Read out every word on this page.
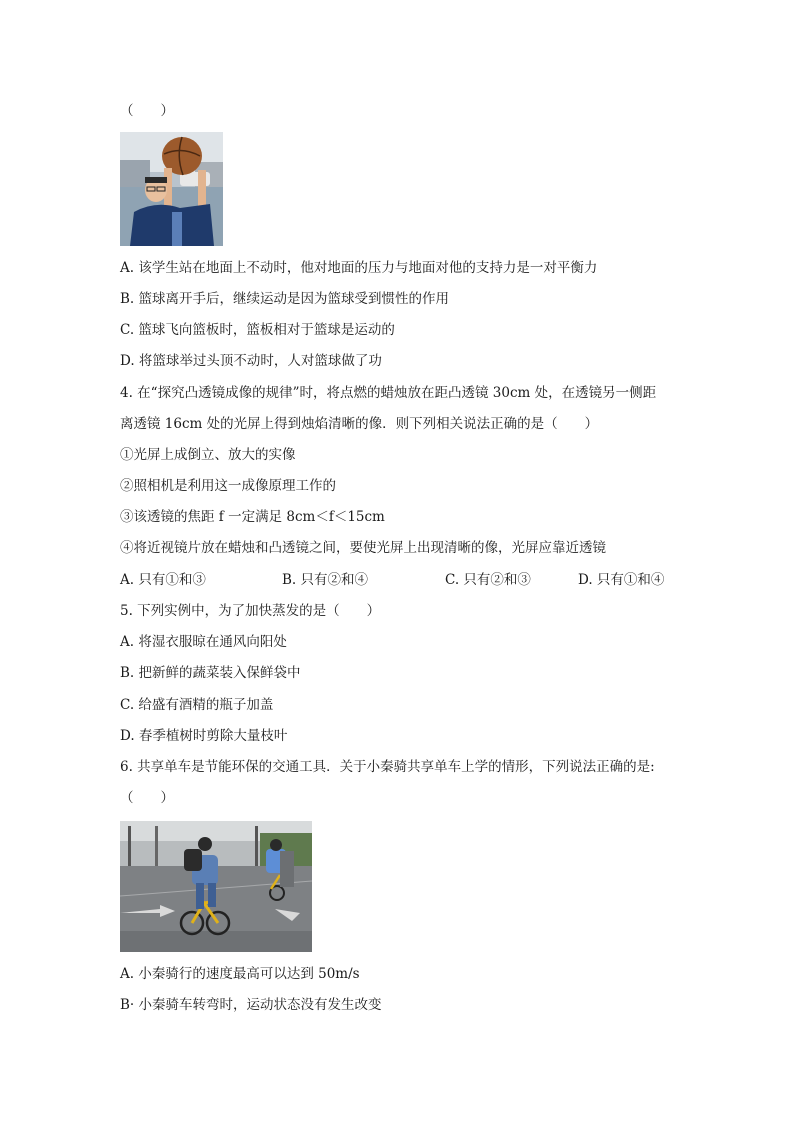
（　　）
A. 该学生站在地面上不动时，他对地面的压力与地面对他的支持力是一对平衡力
B. 篮球离开手后，继续运动是因为篮球受到惯性的作用
C. 篮球飞向篮板时，篮板相对于篮球是运动的
D. 将篮球举过头顶不动时，人对篮球做了功
4. 在“探究凸透镜成像的规律”时，将点燃的蜡烛放在距凸透镜 30cm 处，在透镜另一侧距
离透镜 16cm 处的光屏上得到烛焰清晰的像．则下列相关说法正确的是（　　）
①光屏上成倒立、放大的实像
②照相机是利用这一成像原理工作的
③该透镜的焦距 f 一定满足 8cm＜f＜15cm
④将近视镜片放在蜡烛和凸透镜之间，要使光屏上出现清晰的像，光屏应靠近透镜
A. 只有①和③	B. 只有②和④	C. 只有②和③	D. 只有①和④
5. 下列实例中，为了加快蒸发的是（　　）
A. 将湿衣服晾在通风向阳处
B. 把新鲜的蔬菜装入保鲜袋中
C. 给盛有酒精的瓶子加盖
D. 春季植树时剪除大量枝叶
6. 共享单车是节能环保的交通工具．关于小秦骑共享单车上学的情形，下列说法正确的是:
（　　）
A. 小秦骑行的速度最高可以达到 50m/s
B· 小秦骑车转弯时，运动状态没有发生改变
